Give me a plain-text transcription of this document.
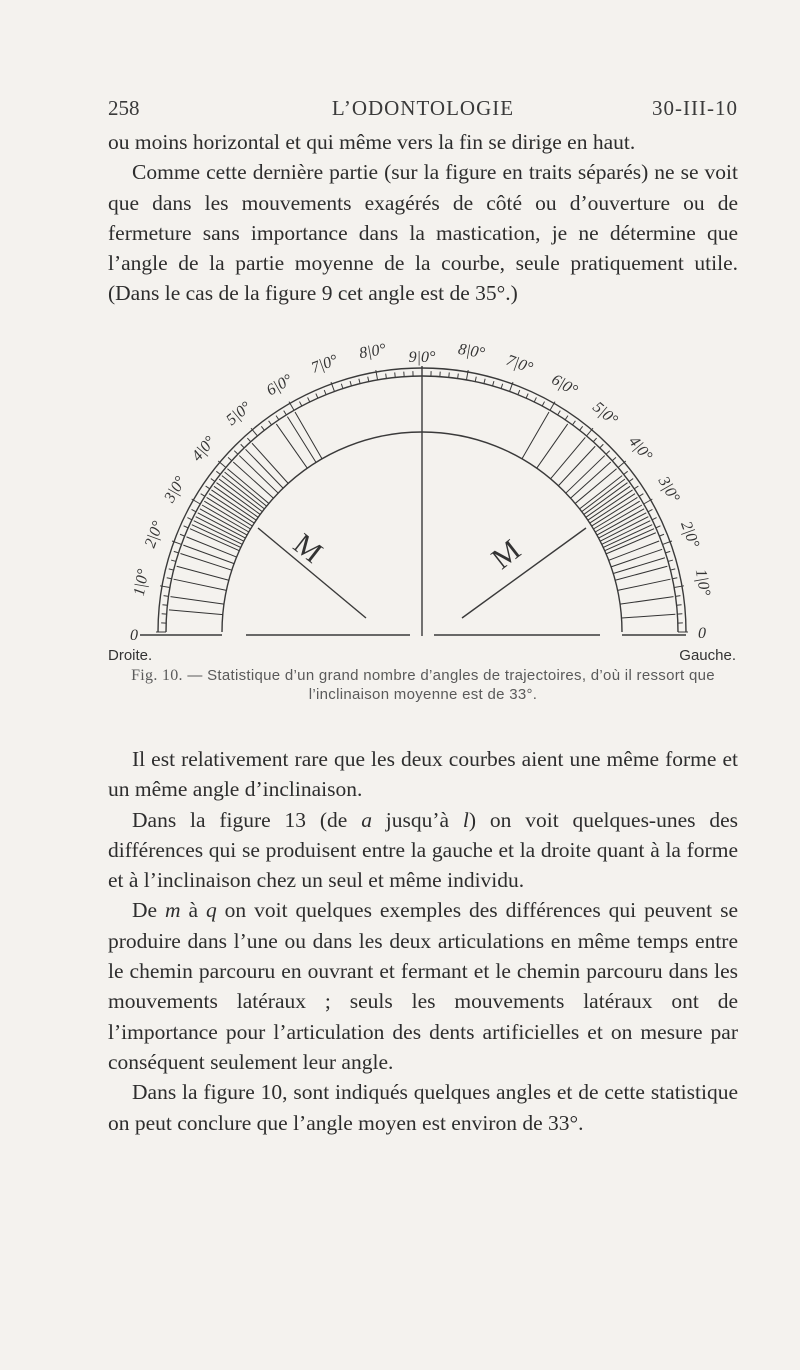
258	L’ODONTOLOGIE	30-III-10

ou moins horizontal et qui même vers la fin se dirige en haut.

Comme cette dernière partie (sur la figure en traits séparés) ne se voit que dans les mouvements exagérés de côté ou d’ouverture ou de fermeture sans importance dans la mastication, je ne détermine que l’angle de la partie moyenne de la courbe, seule pratiquement utile. (Dans le cas de la figure 9 cet angle est de 35°.)

1|0°
2|0°
3|0°
4|0°
5|0°
6|0°
7|0°
8|0°	8|0°
7|0°
6|0°
5|0°
4|0°
3|0°
2|0°
1|0°
9|0°
0	0
M	M
Droite.	Gauche.

Fig. 10. — Statistique d’un grand nombre d’angles de trajectoires, d’où il ressort que l’inclinaison moyenne est de 33°.

Il est relativement rare que les deux courbes aient une même forme et un même angle d’inclinaison.

Dans la figure 13 (de a jusqu’à l) on voit quelques-unes des différences qui se produisent entre la gauche et la droite quant à la forme et à l’inclinaison chez un seul et même individu.

De m à q on voit quelques exemples des différences qui peuvent se produire dans l’une ou dans les deux articulations en même temps entre le chemin parcouru en ouvrant et fermant et le chemin parcouru dans les mouvements latéraux ; seuls les mouvements latéraux ont de l’importance pour l’articulation des dents artificielles et on mesure par conséquent seulement leur angle.

Dans la figure 10, sont indiqués quelques angles et de cette statistique on peut conclure que l’angle moyen est environ de 33°.
